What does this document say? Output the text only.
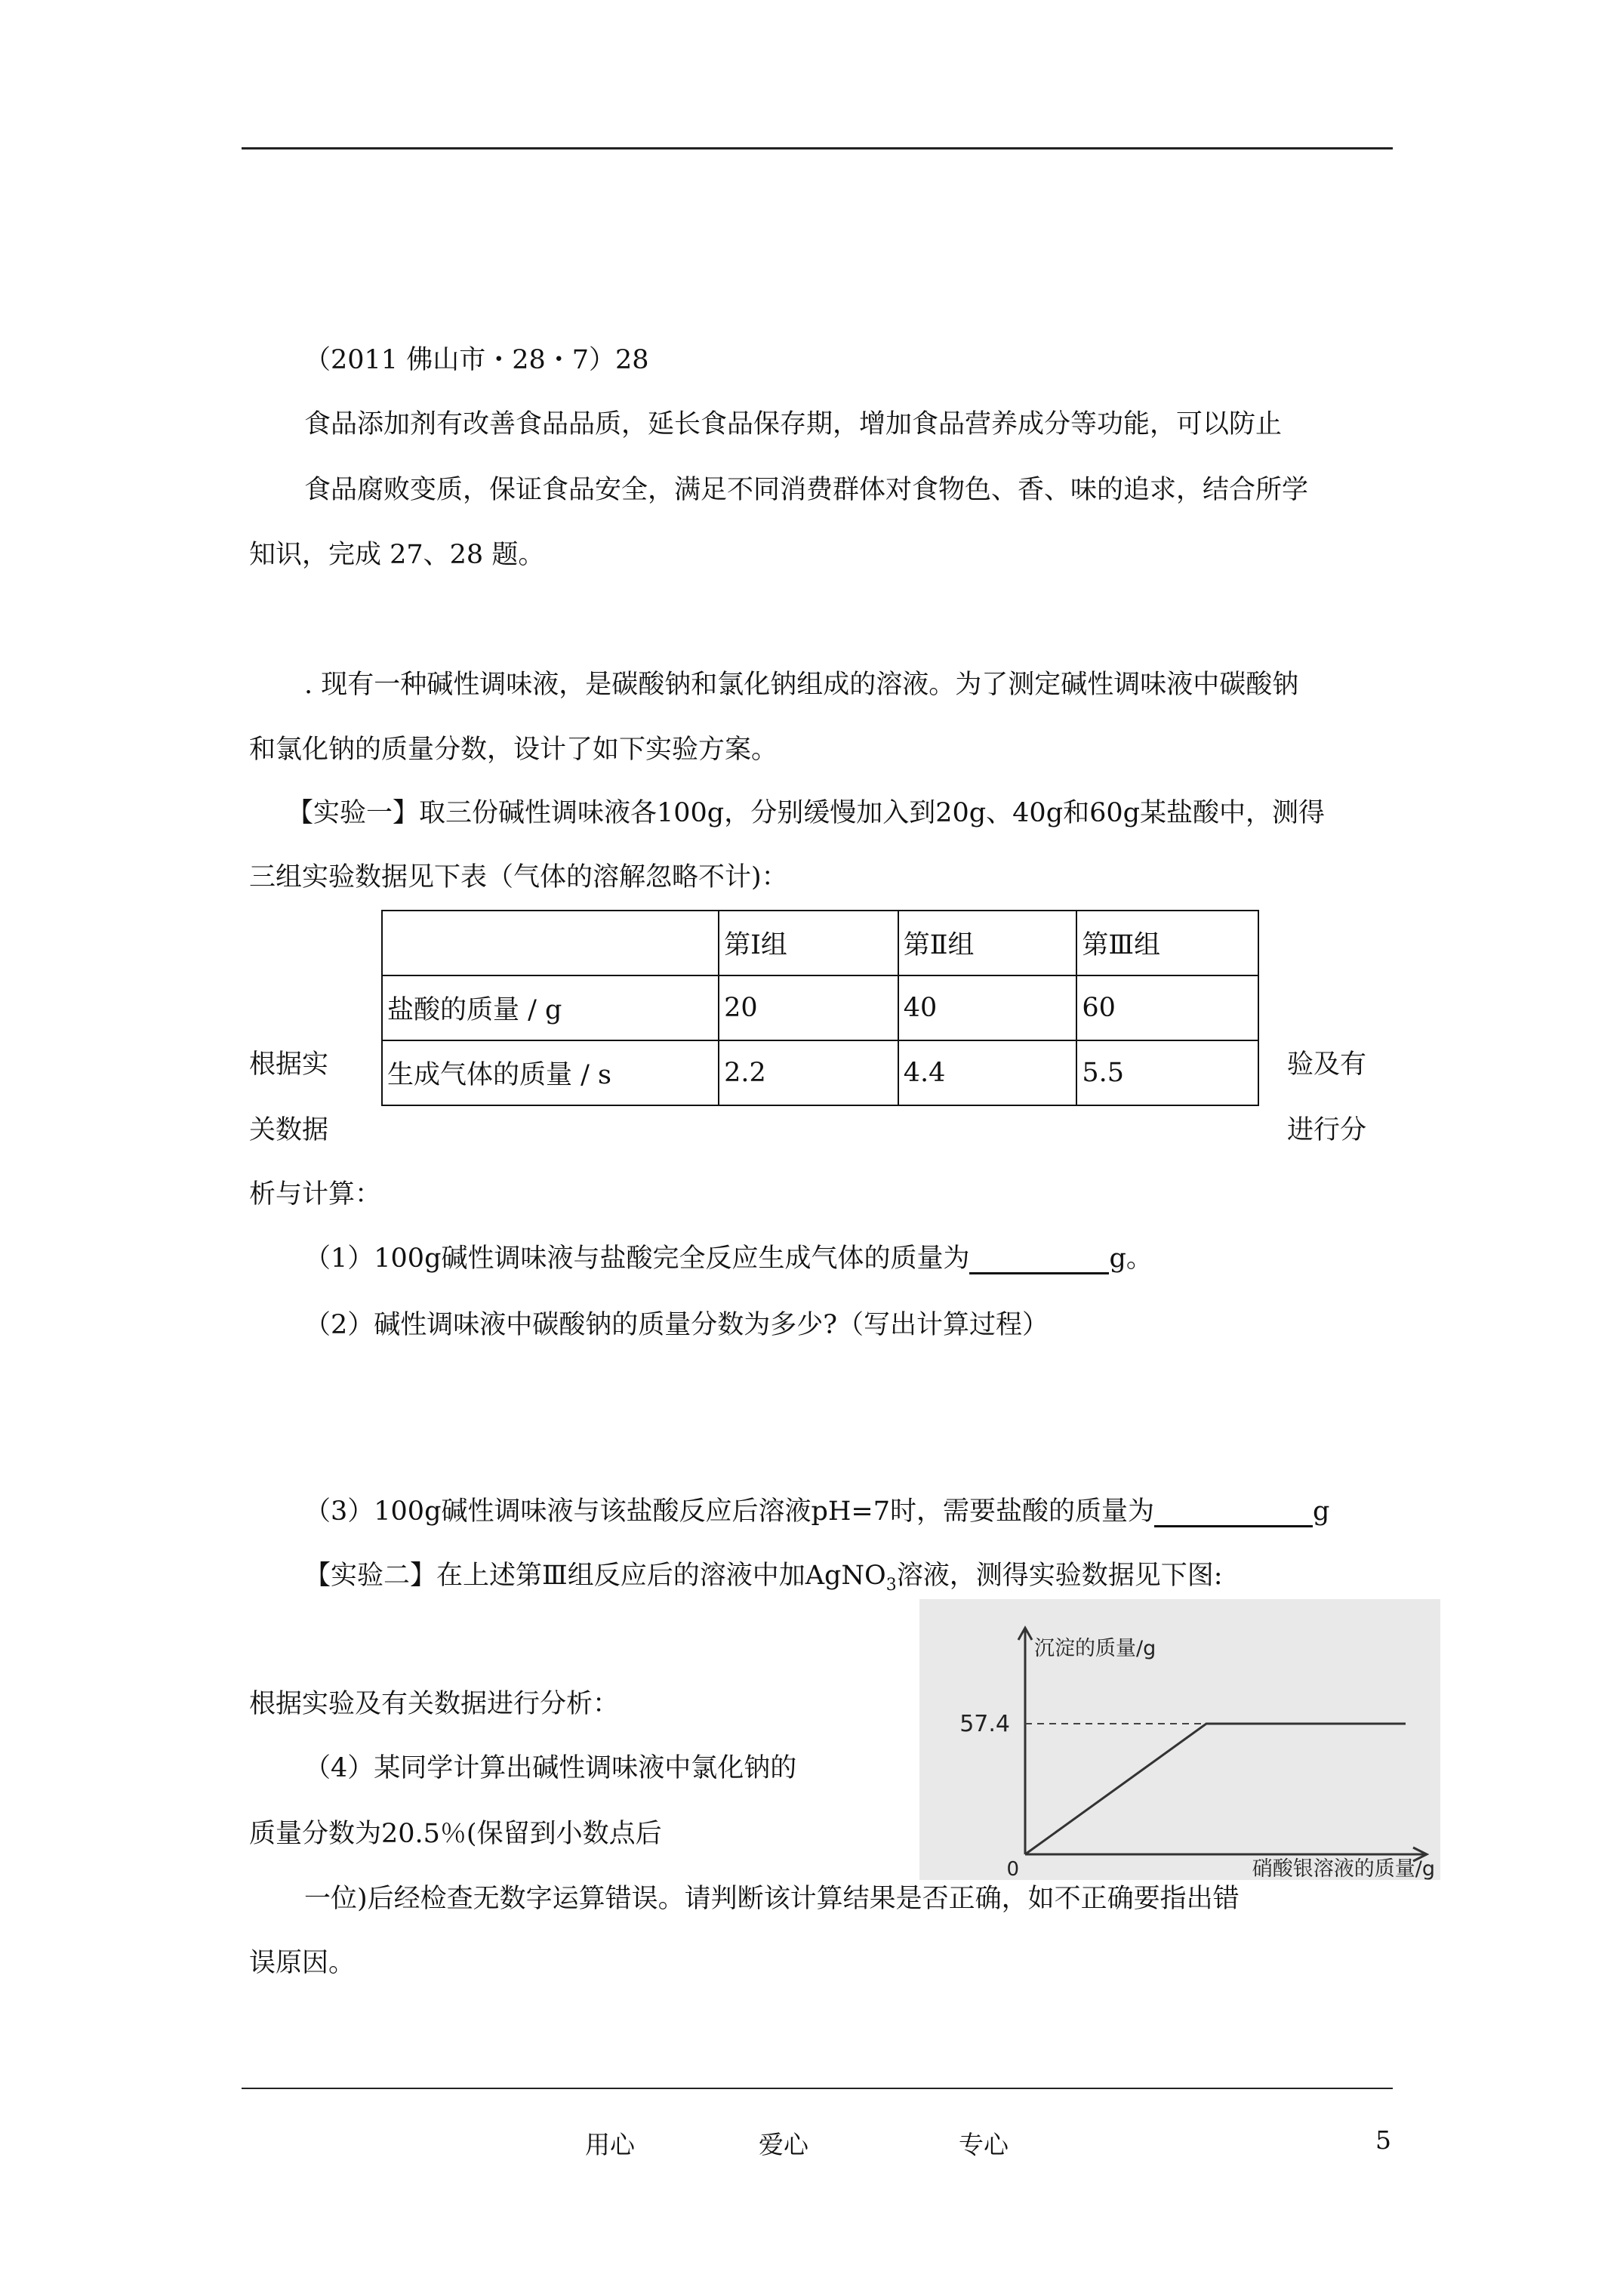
（2011 佛山市・28・7）28
食品添加剂有改善食品品质，延长食品保存期，增加食品营养成分等功能，可以防止
食品腐败变质，保证食品安全，满足不同消费群体对食物色、香、味的追求，结合所学
知识，完成 27、28 题。
. 现有一种碱性调味液，是碳酸钠和氯化钠组成的溶液。为了测定碱性调味液中碳酸钠
和氯化钠的质量分数，设计了如下实验方案。
【实验一】取三份碱性调味液各100g，分别缓慢加入到20g、40g和60g某盐酸中，测得
三组实验数据见下表（气体的溶解忽略不计)：
	第Ⅰ组	第Ⅱ组	第Ⅲ组
盐酸的质量 / g	20	40	60
生成气体的质量 / s	2.2	4.4	5.5
根据实
关数据
析与计算：
验及有
进行分
（1）100g碱性调味液与盐酸完全反应生成气体的质量为	g。
（2）碱性调味液中碳酸钠的质量分数为多少?（写出计算过程）
（3）100g碱性调味液与该盐酸反应后溶液pH=7时，需要盐酸的质量为	g
【实验二】在上述第Ⅲ组反应后的溶液中加AgNO$_3$溶液，测得实验数据见下图:
沉淀的质量/g
57.4
0	硝酸银溶液的质量/g
根据实验及有关数据进行分析：
（4）某同学计算出碱性调味液中氯化钠的
质量分数为20.5％(保留到小数点后
一位)后经检查无数字运算错误。请判断该计算结果是否正确，如不正确要指出错
误原因。
用心	爱心	专心	5
